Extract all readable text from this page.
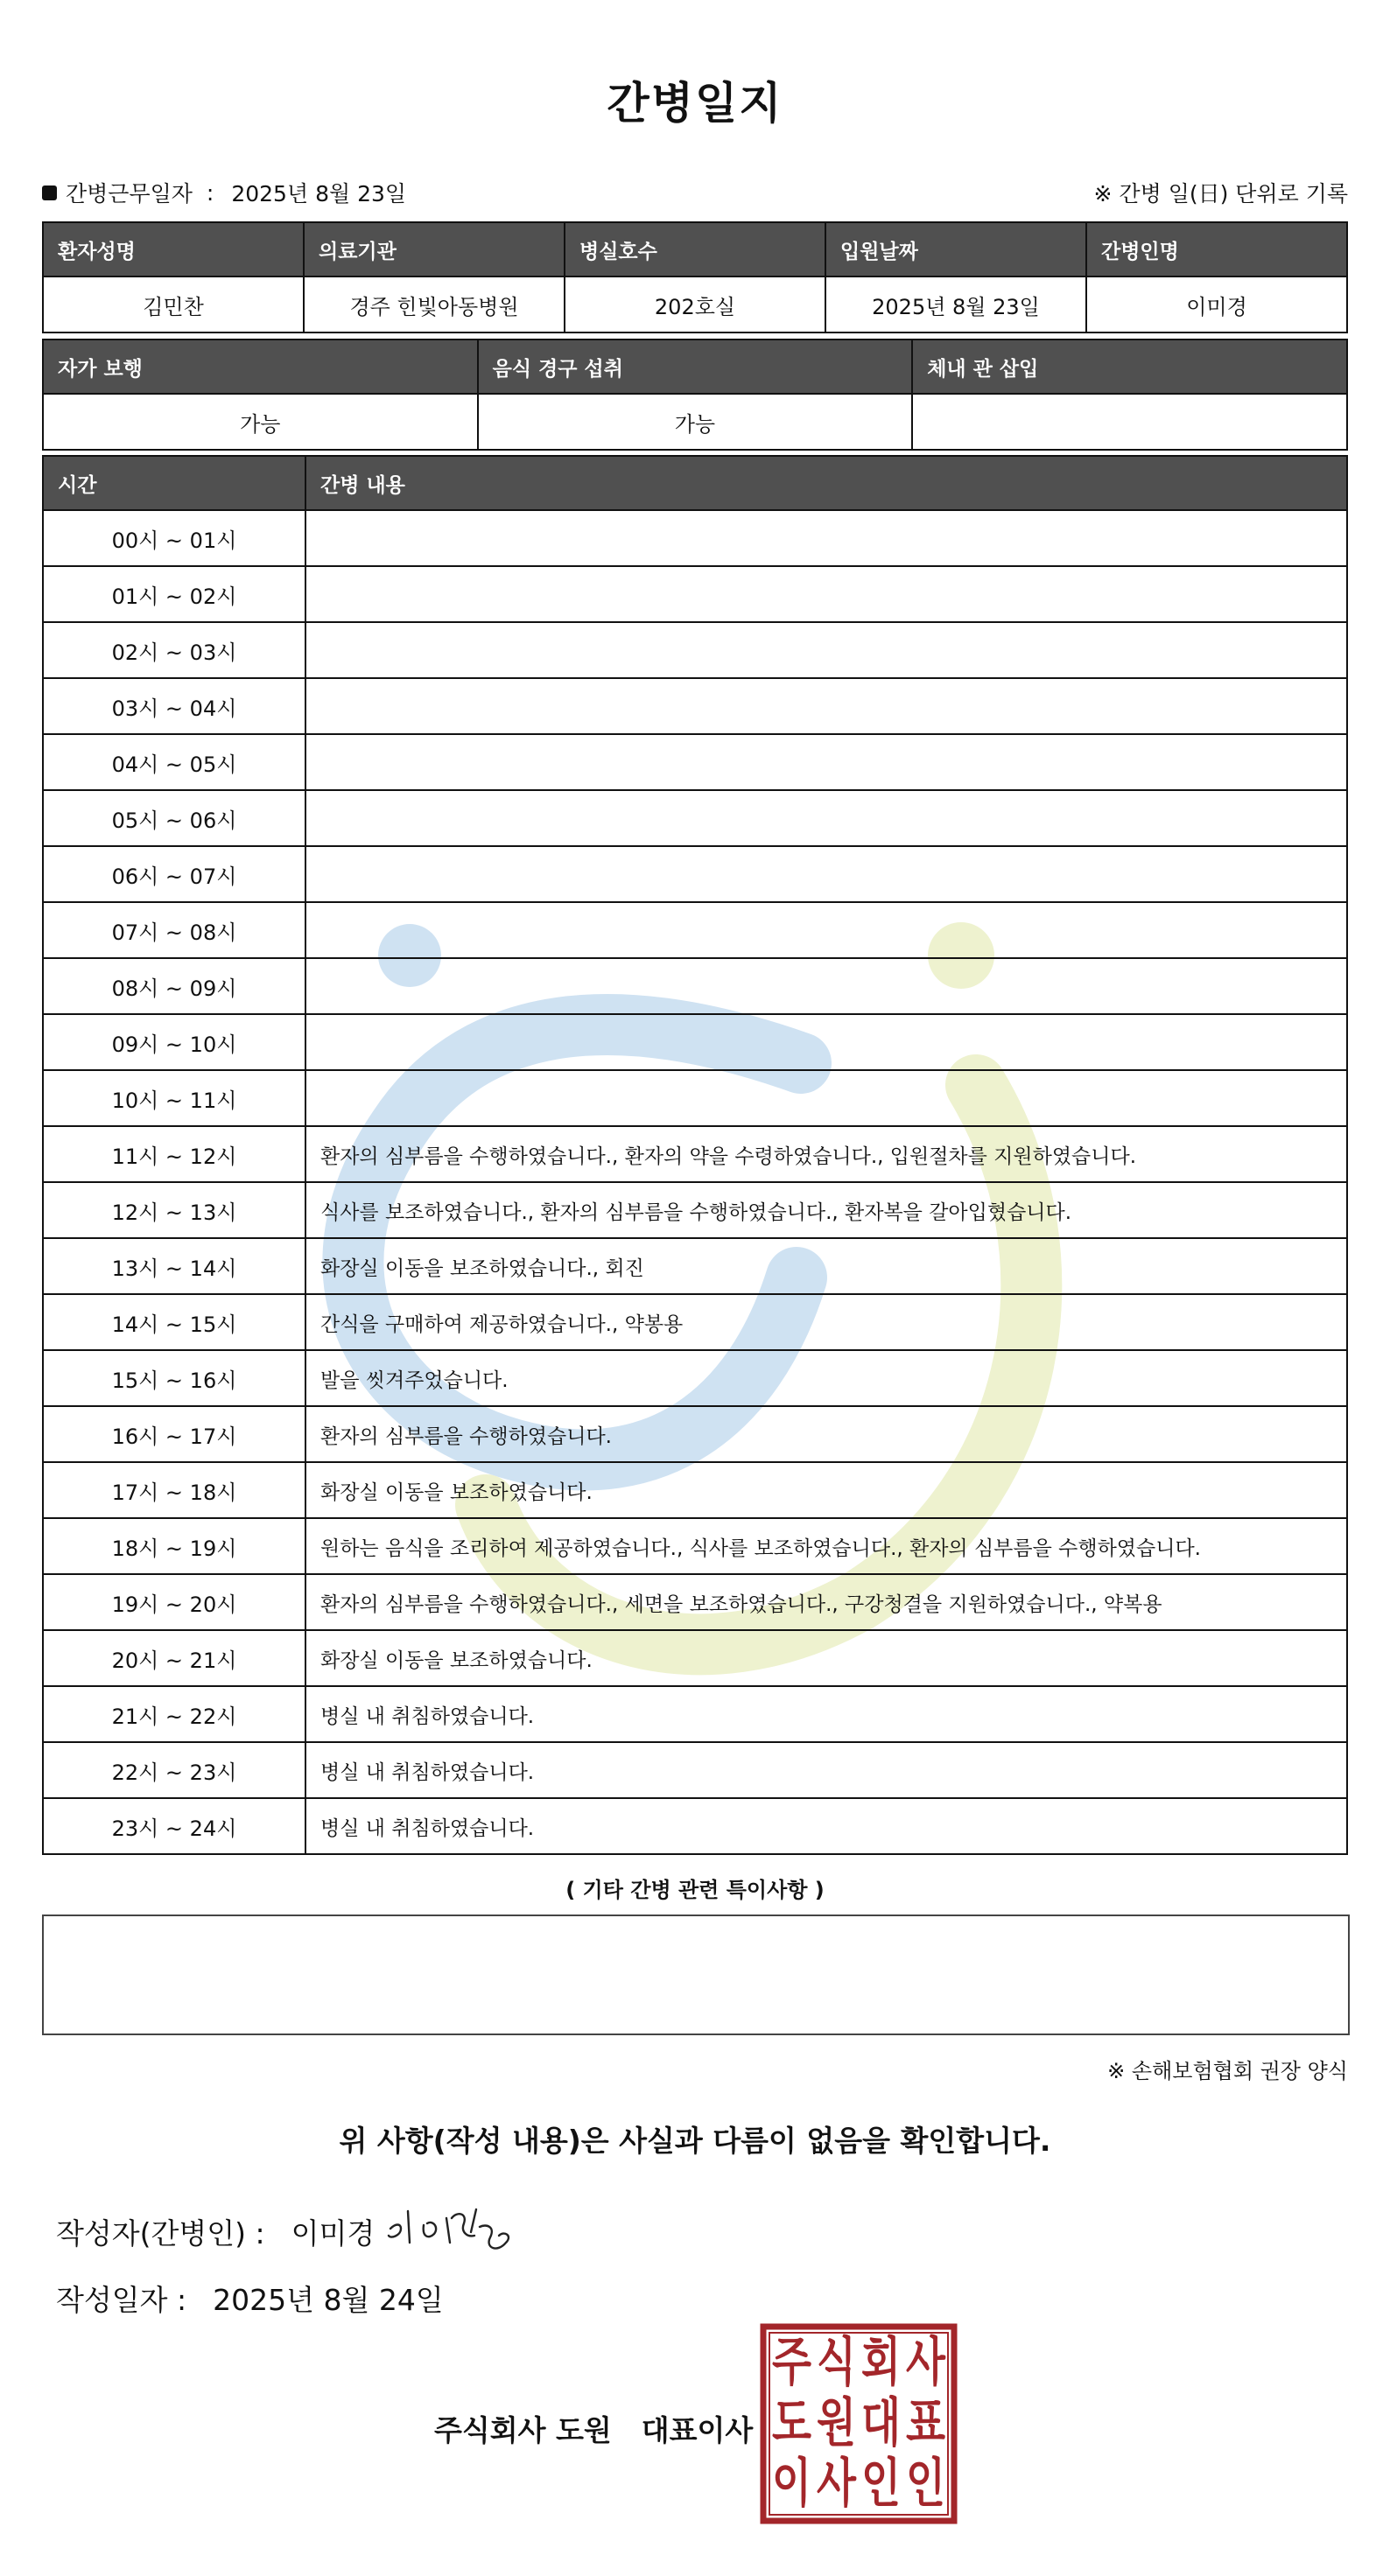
간병일지
간병근무일자 : 2025년 8월 23일	※ 간병 일(日) 단위로 기록
환자성명	의료기관	병실호수	입원날짜	간병인명
김민찬	경주 힌빛아동병원	202호실	2025년 8월 23일	이미경
자가 보행	음식 경구 섭취	체내 관 삽입
가능	가능	
시간	간병 내용
00시 ~ 01시	
01시 ~ 02시	
02시 ~ 03시	
03시 ~ 04시	
04시 ~ 05시	
05시 ~ 06시	
06시 ~ 07시	
07시 ~ 08시	
08시 ~ 09시	
09시 ~ 10시	
10시 ~ 11시	
11시 ~ 12시	환자의 심부름을 수행하였습니다., 환자의 약을 수령하였습니다., 입원절차를 지원하였습니다.
12시 ~ 13시	식사를 보조하였습니다., 환자의 심부름을 수행하였습니다., 환자복을 갈아입혔습니다.
13시 ~ 14시	화장실 이동을 보조하였습니다., 회진
14시 ~ 15시	간식을 구매하여 제공하였습니다., 약봉용
15시 ~ 16시	발을 씻겨주었습니다.
16시 ~ 17시	환자의 심부름을 수행하였습니다.
17시 ~ 18시	화장실 이동을 보조하였습니다.
18시 ~ 19시	원하는 음식을 조리하여 제공하였습니다., 식사를 보조하였습니다., 환자의 심부름을 수행하였습니다.
19시 ~ 20시	환자의 심부름을 수행하였습니다., 세면을 보조하였습니다., 구강청결을 지원하였습니다., 약복용
20시 ~ 21시	화장실 이동을 보조하였습니다.
21시 ~ 22시	병실 내 취침하였습니다.
22시 ~ 23시	병실 내 취침하였습니다.
23시 ~ 24시	병실 내 취침하였습니다.
( 기타 간병 관련 특이사항 )
※ 손해보험협회 권장 양식
위 사항(작성 내용)은 사실과 다름이 없음을 확인합니다.
작성자(간병인) : 이미경
작성일자 : 2025년 8월 24일
주식회사 도원 대표이사
주 식 회 사
도 원 대 표
이 사 인 인
